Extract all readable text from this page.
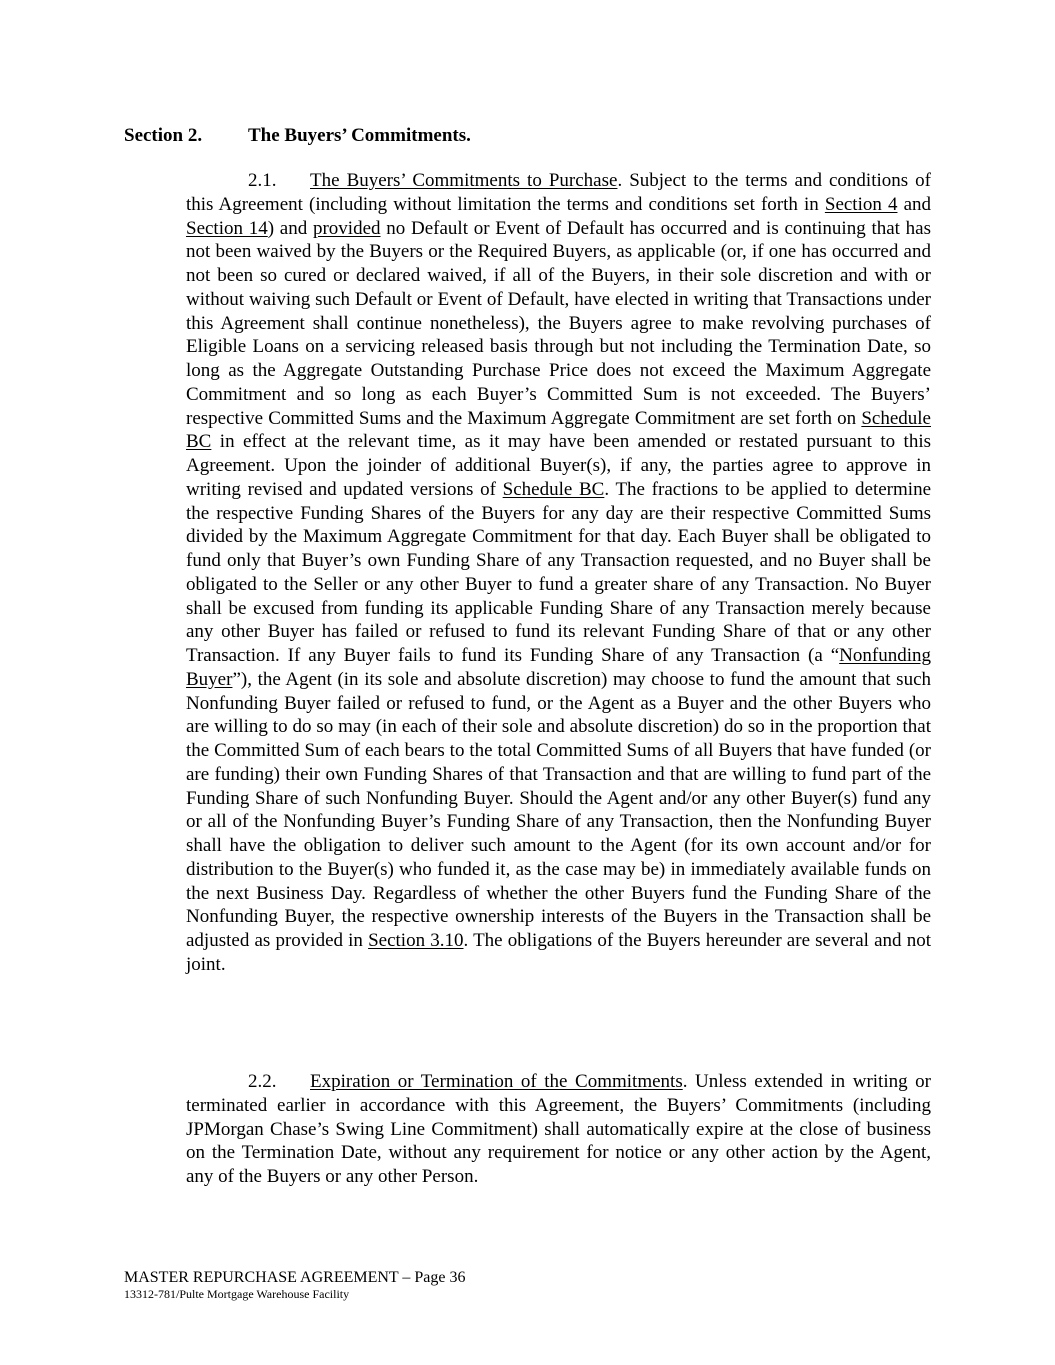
Section 2. The Buyers’ Commitments.
2.1. The Buyers’ Commitments to Purchase. Subject to the terms and conditions of this Agreement (including without limitation the terms and conditions set forth in Section 4 and Section 14) and provided no Default or Event of Default has occurred and is continuing that has not been waived by the Buyers or the Required Buyers, as applicable (or, if one has occurred and not been so cured or declared waived, if all of the Buyers, in their sole discretion and with or without waiving such Default or Event of Default, have elected in writing that Transactions under this Agreement shall continue nonetheless), the Buyers agree to make revolving purchases of Eligible Loans on a servicing released basis through but not including the Termination Date, so long as the Aggregate Outstanding Purchase Price does not exceed the Maximum Aggregate Commitment and so long as each Buyer’s Committed Sum is not exceeded. The Buyers’ respective Committed Sums and the Maximum Aggregate Commitment are set forth on Schedule BC in effect at the relevant time, as it may have been amended or restated pursuant to this Agreement. Upon the joinder of additional Buyer(s), if any, the parties agree to approve in writing revised and updated versions of Schedule BC. The fractions to be applied to determine the respective Funding Shares of the Buyers for any day are their respective Committed Sums divided by the Maximum Aggregate Commitment for that day. Each Buyer shall be obligated to fund only that Buyer’s own Funding Share of any Transaction requested, and no Buyer shall be obligated to the Seller or any other Buyer to fund a greater share of any Transaction. No Buyer shall be excused from funding its applicable Funding Share of any Transaction merely because any other Buyer has failed or refused to fund its relevant Funding Share of that or any other Transaction. If any Buyer fails to fund its Funding Share of any Transaction (a “Nonfunding Buyer”), the Agent (in its sole and absolute discretion) may choose to fund the amount that such Nonfunding Buyer failed or refused to fund, or the Agent as a Buyer and the other Buyers who are willing to do so may (in each of their sole and absolute discretion) do so in the proportion that the Committed Sum of each bears to the total Committed Sums of all Buyers that have funded (or are funding) their own Funding Shares of that Transaction and that are willing to fund part of the Funding Share of such Nonfunding Buyer. Should the Agent and/or any other Buyer(s) fund any or all of the Nonfunding Buyer’s Funding Share of any Transaction, then the Nonfunding Buyer shall have the obligation to deliver such amount to the Agent (for its own account and/or for distribution to the Buyer(s) who funded it, as the case may be) in immediately available funds on the next Business Day. Regardless of whether the other Buyers fund the Funding Share of the Nonfunding Buyer, the respective ownership interests of the Buyers in the Transaction shall be adjusted as provided in Section 3.10. The obligations of the Buyers hereunder are several and not joint.
2.2. Expiration or Termination of the Commitments. Unless extended in writing or terminated earlier in accordance with this Agreement, the Buyers’ Commitments (including JPMorgan Chase’s Swing Line Commitment) shall automatically expire at the close of business on the Termination Date, without any requirement for notice or any other action by the Agent, any of the Buyers or any other Person.
MASTER REPURCHASE AGREEMENT – Page 36
13312-781/Pulte Mortgage Warehouse Facility
